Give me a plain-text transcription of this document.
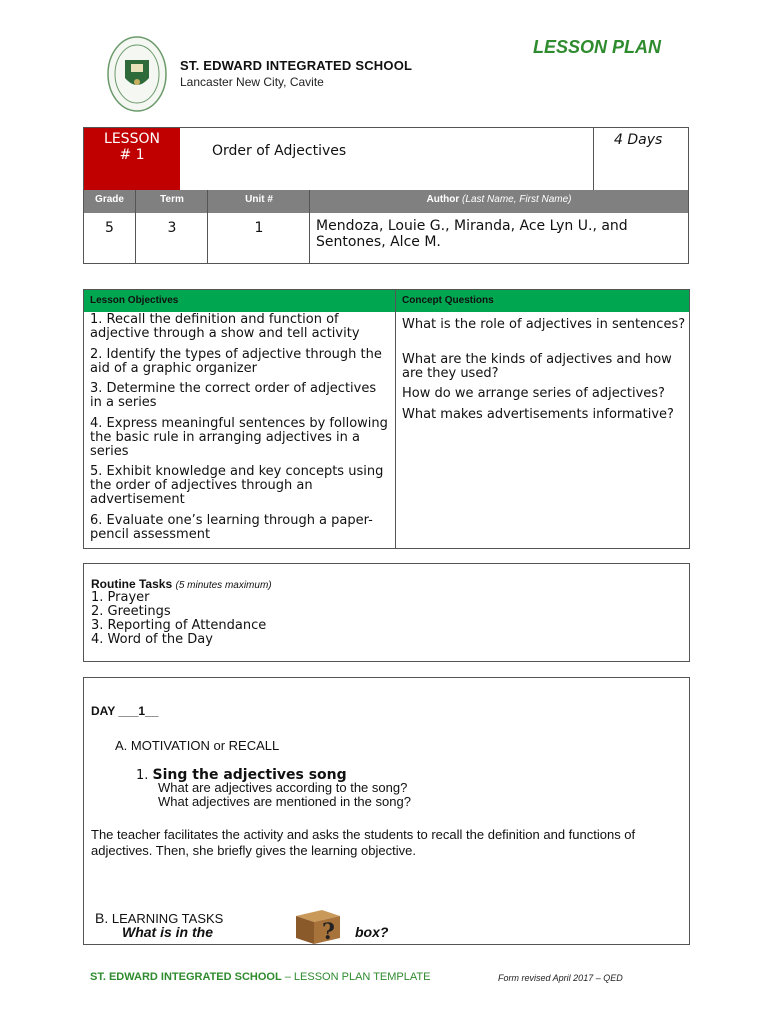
ST. EDWARD INTEGRATED SCHOOL
Lancaster New City, Cavite
LESSON PLAN
LESSON
# 1	Order of Adjectives
4 Days
Grade	Term	Unit #	Author (Last Name, First Name)
5	3	1	Mendoza, Louie G., Miranda, Ace Lyn U., and Sentones, Alce M.
Lesson Objectives	Concept Questions
1. Recall the definition and function of adjective through a show and tell activity
2. Identify the types of adjective through the aid of a graphic organizer
3. Determine the correct order of adjectives in a series
4. Express meaningful sentences by following the basic rule in arranging adjectives in a series
5. Exhibit knowledge and key concepts using the order of adjectives through an advertisement
6. Evaluate one’s learning through a paper-pencil assessment
What is the role of adjectives in sentences?
What are the kinds of adjectives and how are they used?
How do we arrange series of adjectives?
What makes advertisements informative?
Routine Tasks (5 minutes maximum)
1. Prayer
2. Greetings
3. Reporting of Attendance
4. Word of the Day
DAY ___1__
A. MOTIVATION or RECALL
1. Sing the adjectives song
What are adjectives according to the song?
What adjectives are mentioned in the song?
The teacher facilitates the activity and asks the students to recall the definition and functions of adjectives. Then, she briefly gives the learning objective.
B. LEARNING TASKS
What is in the	? box?
ST. EDWARD INTEGRATED SCHOOL – LESSON PLAN TEMPLATE	Form revised April 2017 – QED
